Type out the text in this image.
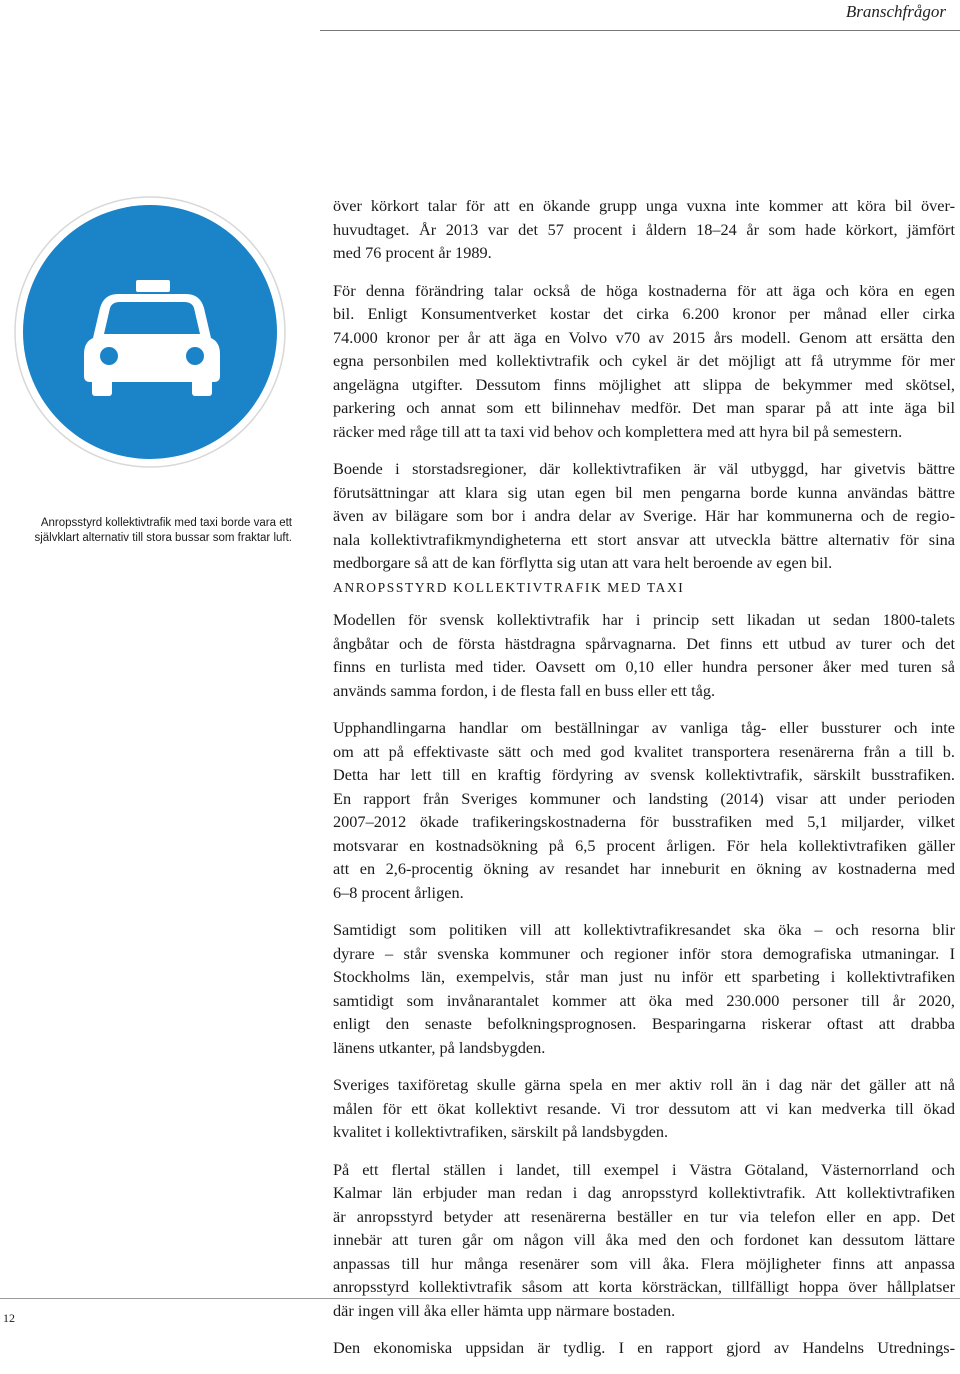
Branschfrågor
Anropsstyrd kollektivtrafik med taxi borde vara ett
självklart alternativ till stora bussar som fraktar luft.

över körkort talar för att en ökande grupp unga vuxna inte kommer att köra bil över-
huvudtaget. År 2013 var det 57 procent i åldern 18–24 år som hade körkort, jämfört
med 76 procent år 1989.

För denna förändring talar också de höga kostnaderna för att äga och köra en egen
bil. Enligt Konsumentverket kostar det cirka 6.200 kronor per månad eller cirka
74.000 kronor per år att äga en Volvo v70 av 2015 års modell. Genom att ersätta den
egna personbilen med kollektivtrafik och cykel är det möjligt att få utrymme för mer
angelägna utgifter. Dessutom finns möjlighet att slippa de bekymmer med skötsel,
parkering och annat som ett bilinnehav medför. Det man sparar på att inte äga bil
räcker med råge till att ta taxi vid behov och komplettera med att hyra bil på semestern.

Boende i storstadsregioner, där kollektivtrafiken är väl utbyggd, har givetvis bättre
förutsättningar att klara sig utan egen bil men pengarna borde kunna användas bättre
även av bilägare som bor i andra delar av Sverige. Här har kommunerna och de regio-
nala kollektivtrafikmyndigheterna ett stort ansvar att utveckla bättre alternativ för sina
medborgare så att de kan förflytta sig utan att vara helt beroende av egen bil.

ANROPSSTYRD KOLLEKTIVTRAFIK MED TAXI

Modellen för svensk kollektivtrafik har i princip sett likadan ut sedan 1800-talets
ångbåtar och de första hästdragna spårvagnarna. Det finns ett utbud av turer och det
finns en turlista med tider. Oavsett om 0,10 eller hundra personer åker med turen så
används samma fordon, i de flesta fall en buss eller ett tåg.

Upphandlingarna handlar om beställningar av vanliga tåg- eller bussturer och inte
om att på effektivaste sätt och med god kvalitet transportera resenärerna från a till b.
Detta har lett till en kraftig fördyring av svensk kollektivtrafik, särskilt busstrafiken.
En rapport från Sveriges kommuner och landsting (2014) visar att under perioden
2007–2012 ökade trafikeringskostnaderna för busstrafiken med 5,1 miljarder, vilket
motsvarar en kostnadsökning på 6,5 procent årligen. För hela kollektivtrafiken gäller
att en 2,6-procentig ökning av resandet har inneburit en ökning av kostnaderna med
6–8 procent årligen.

Samtidigt som politiken vill att kollektivtrafikresandet ska öka – och resorna blir
dyrare – står svenska kommuner och regioner inför stora demografiska utmaningar. I
Stockholms län, exempelvis, står man just nu inför ett sparbeting i kollektivtrafiken
samtidigt som invånarantalet kommer att öka med 230.000 personer till år 2020,
enligt den senaste befolkningsprognosen. Besparingarna riskerar oftast att drabba
länens utkanter, på landsbygden.

Sveriges taxiföretag skulle gärna spela en mer aktiv roll än i dag när det gäller att nå
målen för ett ökat kollektivt resande. Vi tror dessutom att vi kan medverka till ökad
kvalitet i kollektivtrafiken, särskilt på landsbygden.

På ett flertal ställen i landet, till exempel i Västra Götaland, Västernorrland och
Kalmar län erbjuder man redan i dag anropsstyrd kollektivtrafik. Att kollektivtrafiken
är anropsstyrd betyder att resenärerna beställer en tur via telefon eller en app. Det
innebär att turen går om någon vill åka med den och fordonet kan dessutom lättare
anpassas till hur många resenärer som vill åka. Flera möjligheter finns att anpassa
anropsstyrd kollektivtrafik såsom att korta körsträckan, tillfälligt hoppa över hållplatser
där ingen vill åka eller hämta upp närmare bostaden.

Den ekonomiska uppsidan är tydlig. I en rapport gjord av Handelns Utrednings-

12
